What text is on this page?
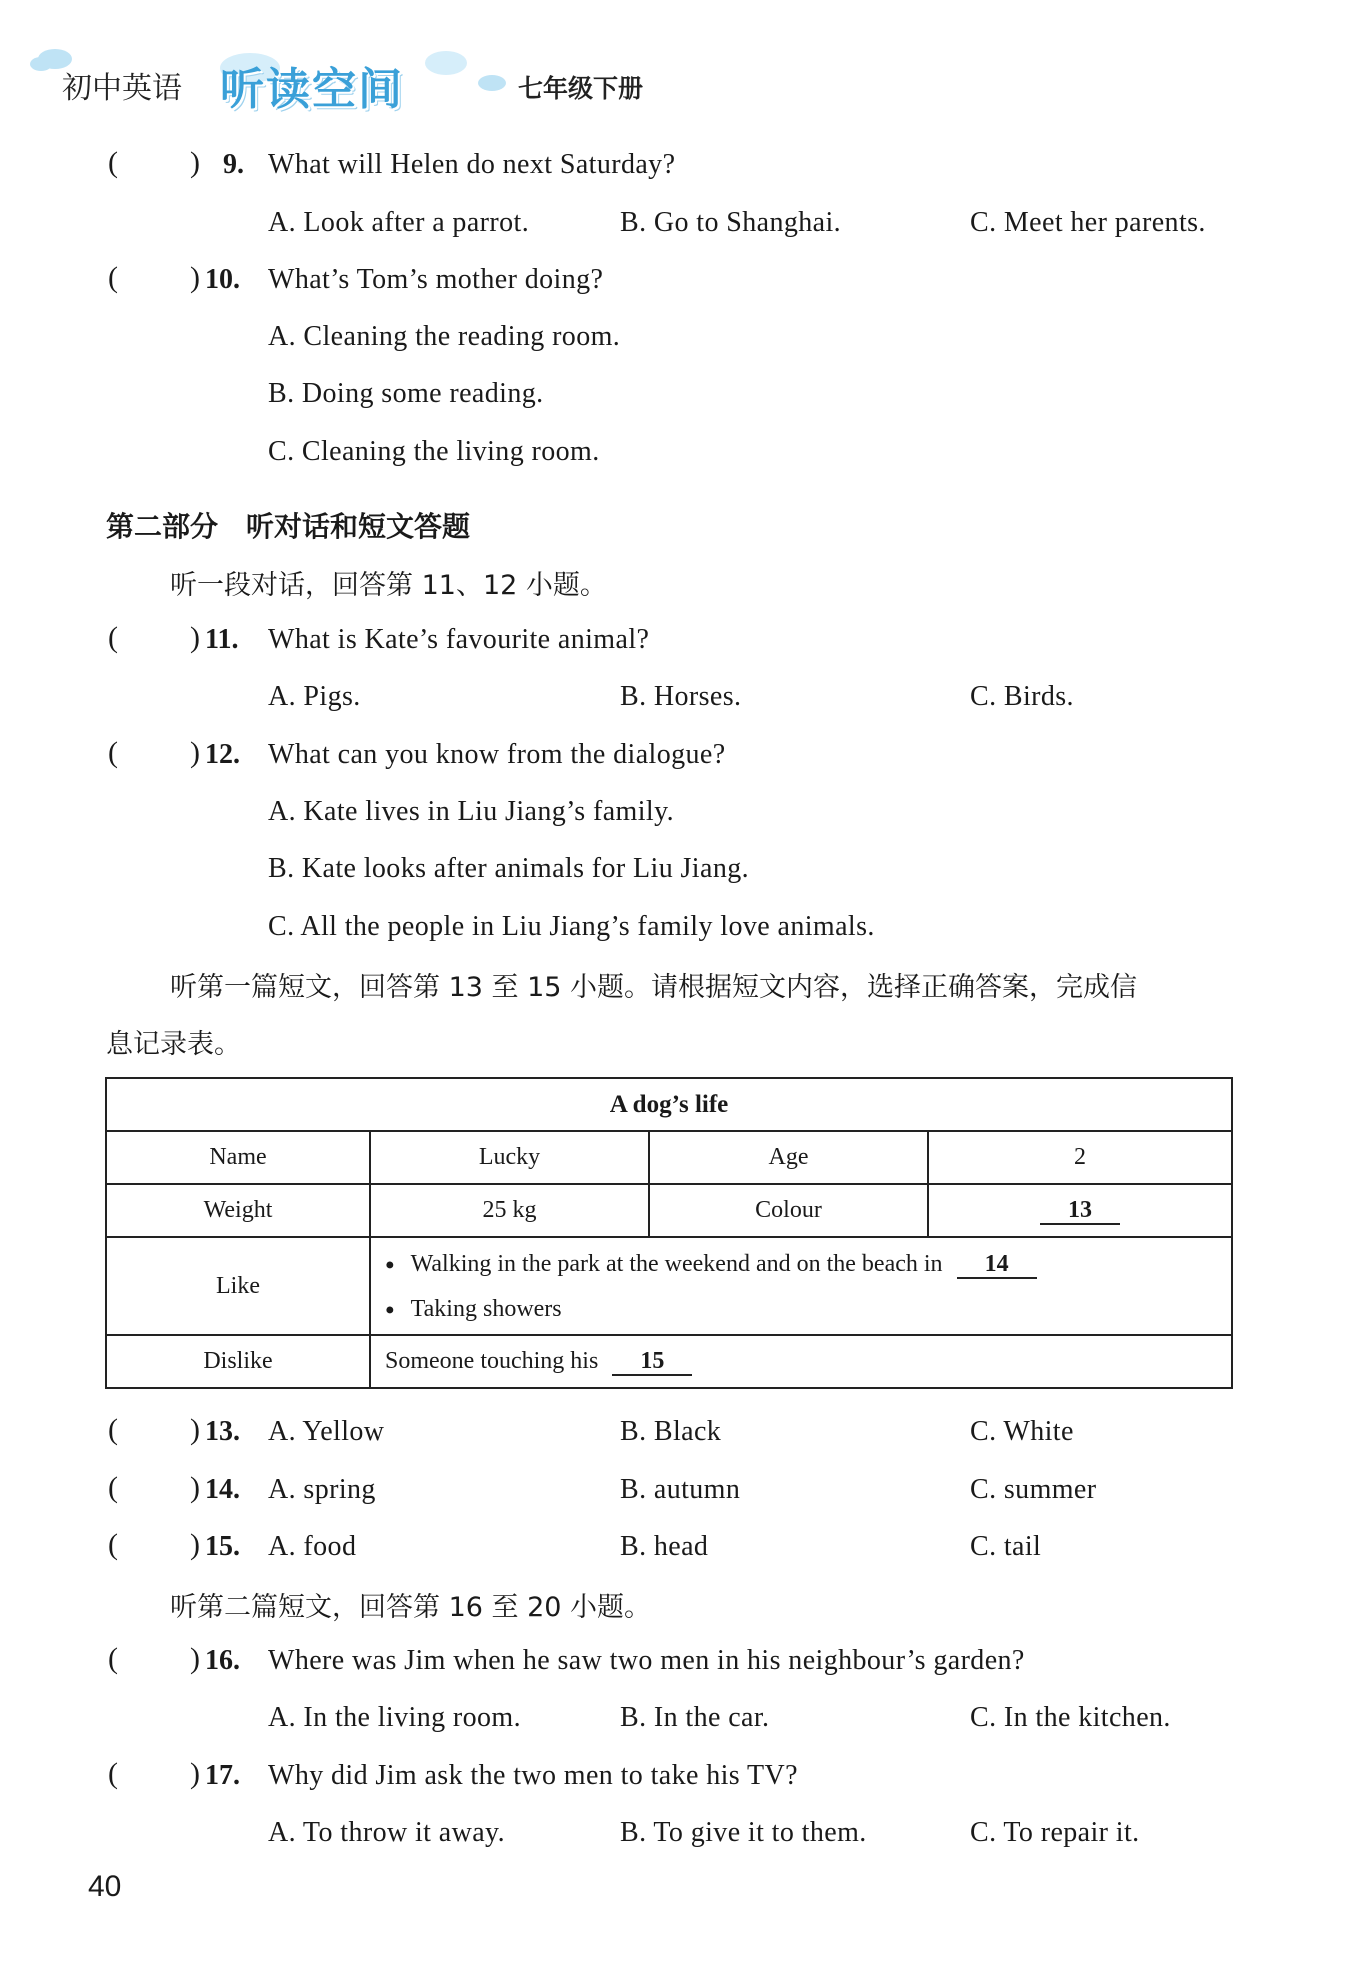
初中英语 听读空间	七年级下册
( ) 9. What will Helen do next Saturday?
A. Look after a parrot.	B. Go to Shanghai.	C. Meet her parents.
( ) 10. What’s Tom’s mother doing?
A. Cleaning the reading room.
B. Doing some reading.
C. Cleaning the living room.
第二部分　听对话和短文答题
听一段对话，回答第 11、12 小题。
( ) 11. What is Kate’s favourite animal?
A. Pigs.	B. Horses.	C. Birds.
( ) 12. What can you know from the dialogue?
A. Kate lives in Liu Jiang’s family.
B. Kate looks after animals for Liu Jiang.
C. All the people in Liu Jiang’s family love animals.
听第一篇短文，回答第 13 至 15 小题。请根据短文内容，选择正确答案，完成信
息记录表。
A dog’s life			
Name	Lucky	Age	2
Weight	25 kg	Colour	13
Like	● Walking in the park at the weekend and on the beach in 14
● Taking showers		

Dislike	Someone touching his 15		
( ) 13. A. Yellow	B. Black	C. White
( ) 14. A. spring	B. autumn	C. summer
( ) 15. A. food	B. head	C. tail
听第二篇短文，回答第 16 至 20 小题。
( ) 16. Where was Jim when he saw two men in his neighbour’s garden?
A. In the living room.	B. In the car.	C. In the kitchen.
( ) 17. Why did Jim ask the two men to take his TV?
A. To throw it away.	B. To give it to them.	C. To repair it.
40
